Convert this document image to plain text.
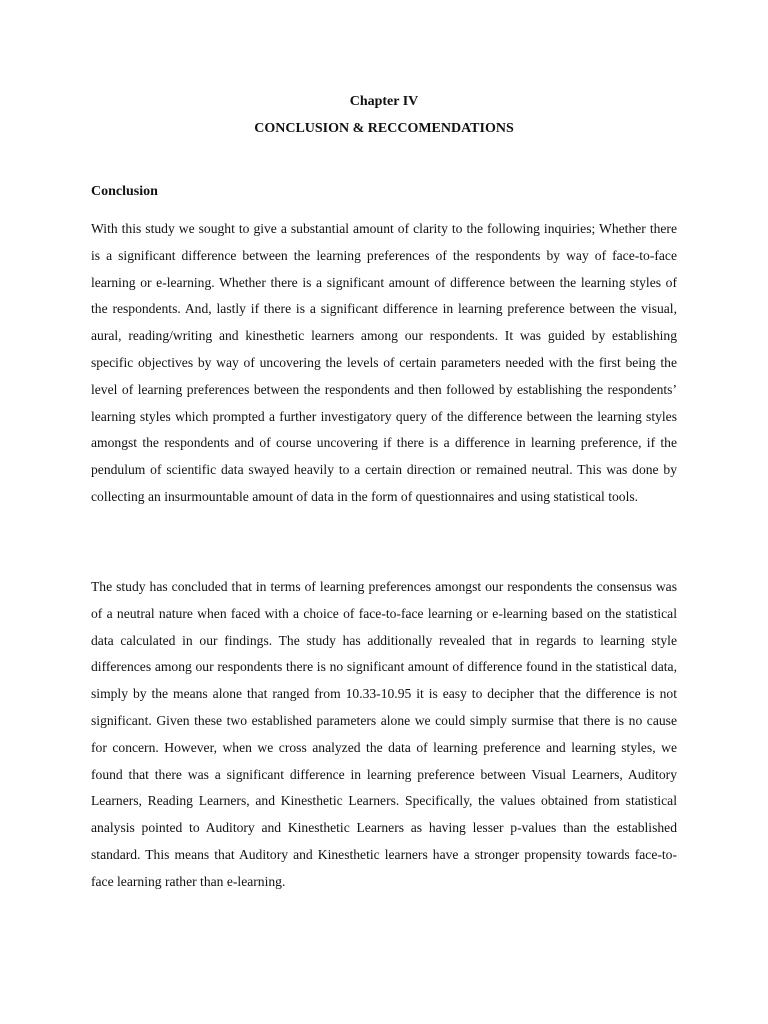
Chapter IV
CONCLUSION & RECCOMENDATIONS
Conclusion

With this study we sought to give a substantial amount of clarity to the following inquiries; Whether there is a significant difference between the learning preferences of the respondents by way of face-to-face learning or e-learning. Whether there is a significant amount of difference between the learning styles of the respondents. And, lastly if there is a significant difference in learning preference between the visual, aural, reading/writing and kinesthetic learners among our respondents. It was guided by establishing specific objectives by way of uncovering the levels of certain parameters needed with the first being the level of learning preferences between the respondents and then followed by establishing the respondents’ learning styles which prompted a further investigatory query of the difference between the learning styles amongst the respondents and of course uncovering if there is a difference in learning preference, if the pendulum of scientific data swayed heavily to a certain direction or remained neutral. This was done by collecting an insurmountable amount of data in the form of questionnaires and using statistical tools.

The study has concluded that in terms of learning preferences amongst our respondents the consensus was of a neutral nature when faced with a choice of face-to-face learning or e-learning based on the statistical data calculated in our findings. The study has additionally revealed that in regards to learning style differences among our respondents there is no significant amount of difference found in the statistical data, simply by the means alone that ranged from 10.33-10.95 it is easy to decipher that the difference is not significant. Given these two established parameters alone we could simply surmise that there is no cause for concern. However, when we cross analyzed the data of learning preference and learning styles, we found that there was a significant difference in learning preference between Visual Learners, Auditory Learners, Reading Learners, and Kinesthetic Learners. Specifically, the values obtained from statistical analysis pointed to Auditory and Kinesthetic Learners as having lesser p-values than the established standard. This means that Auditory and Kinesthetic learners have a stronger propensity towards face-to-face learning rather than e-learning.
